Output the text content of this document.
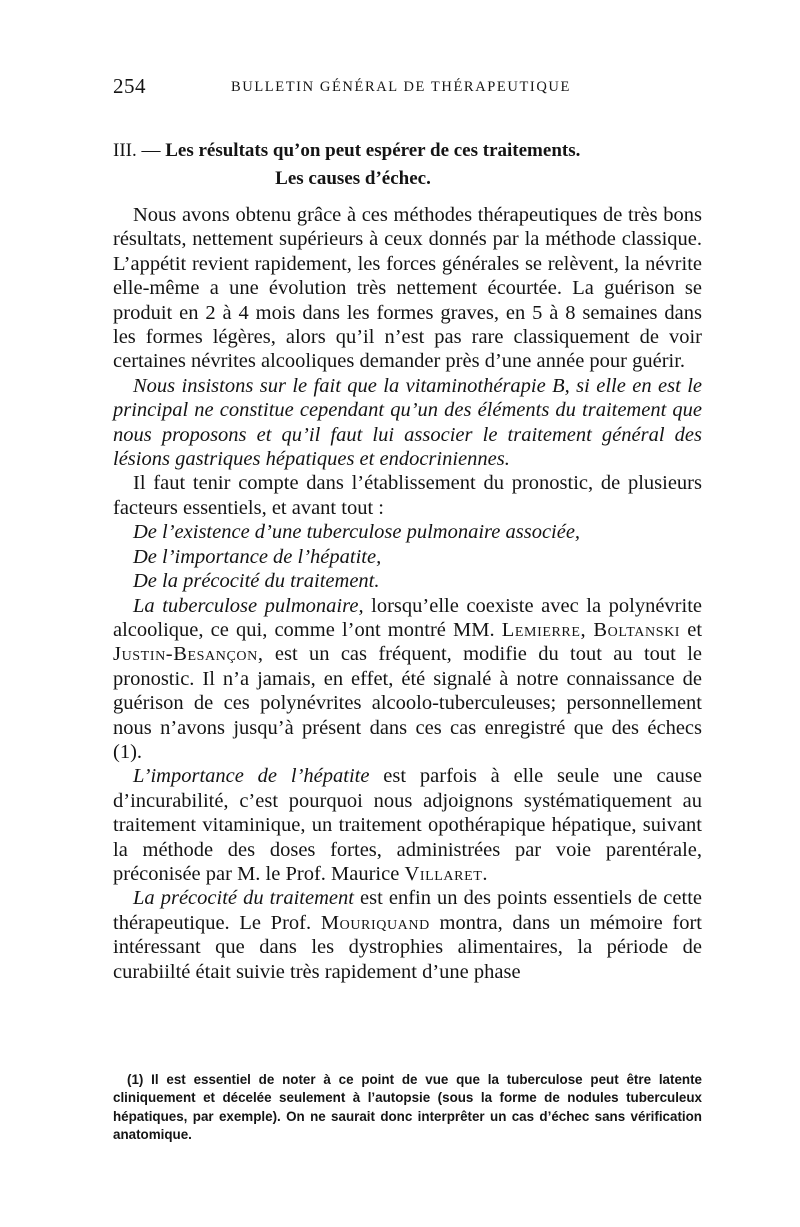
254	BULLETIN GÉNÉRAL DE THÉRAPEUTIQUE
III. — Les résultats qu’on peut espérer de ces traitements.
Les causes d’échec.

Nous avons obtenu grâce à ces méthodes thérapeutiques de très bons résultats, nettement supérieurs à ceux donnés par la méthode classique. L’appétit revient rapidement, les forces générales se relèvent, la névrite elle-même a une évolution très nettement écourtée. La guérison se produit en 2 à 4 mois dans les formes graves, en 5 à 8 semaines dans les formes légères, alors qu’il n’est pas rare classiquement de voir certaines névrites alcooliques demander près d’une année pour guérir.

Nous insistons sur le fait que la vitaminothérapie B, si elle en est le principal ne constitue cependant qu’un des éléments du traitement que nous proposons et qu’il faut lui associer le traitement général des lésions gastriques hépatiques et endocriniennes.

Il faut tenir compte dans l’établissement du pronostic, de plusieurs facteurs essentiels, et avant tout :

De l’existence d’une tuberculose pulmonaire associée,

De l’importance de l’hépatite,

De la précocité du traitement.

La tuberculose pulmonaire, lorsqu’elle coexiste avec la polynévrite alcoolique, ce qui, comme l’ont montré MM. Lemierre, Boltanski et Justin-Besançon, est un cas fréquent, modifie du tout au tout le pronostic. Il n’a jamais, en effet, été signalé à notre connaissance de guérison de ces polynévrites alcoolo-tuberculeuses; personnellement nous n’avons jusqu’à présent dans ces cas enregistré que des échecs (1).

L’importance de l’hépatite est parfois à elle seule une cause d’incurabilité, c’est pourquoi nous adjoignons systématiquement au traitement vitaminique, un traitement opothérapique hépatique, suivant la méthode des doses fortes, administrées par voie parentérale, préconisée par M. le Prof. Maurice Villaret.

La précocité du traitement est enfin un des points essentiels de cette thérapeutique. Le Prof. Mouriquand montra, dans un mémoire fort intéressant que dans les dystrophies alimentaires, la période de curabiilté était suivie très rapidement d’une phase

(1) Il est essentiel de noter à ce point de vue que la tuberculose peut être latente cliniquement et décelée seulement à l’autopsie (sous la forme de nodules tuberculeux hépatiques, par exemple). On ne saurait donc interprêter un cas d’échec sans vérification anatomique.
